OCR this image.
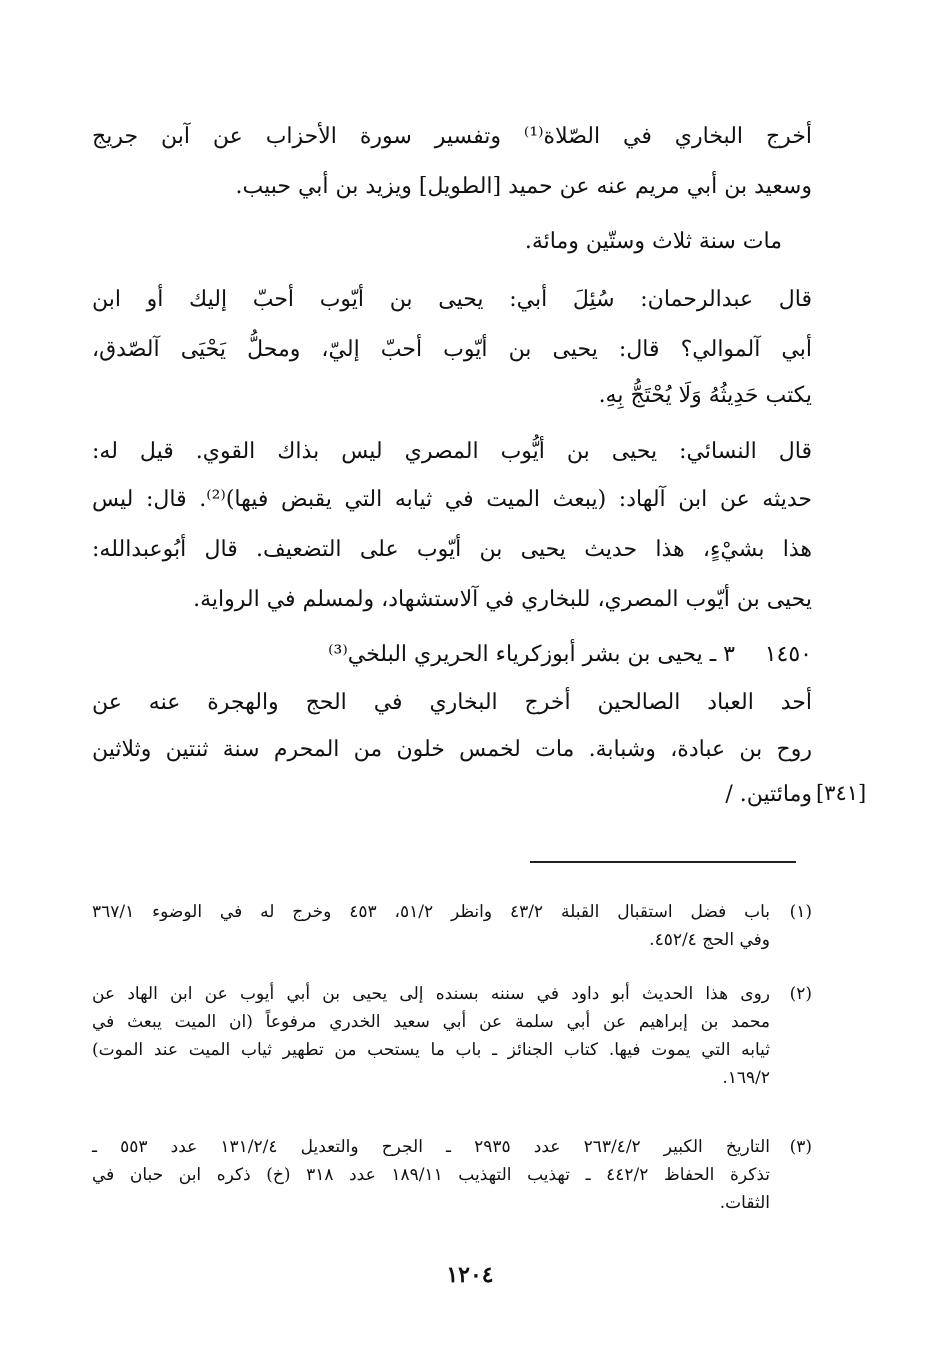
أخرج البخاري في الصّلاة⁽¹⁾ وتفسير سورة الأحزاب عن آبن جريج
وسعيد بن أبي مريم عنه عن حميد [الطويل] ويزيد بن أبي حبيب.
مات سنة ثلاث وستّين ومائة.
قال عبدالرحمان: سُئِلَ أبي: يحيى بن أيّوب أحبّ إليك أو ابن
أبي آلموالي؟ قال: يحيى بن أيّوب أحبّ إليّ، ومحلُّ يَحْيَى آلصّدق،
يكتب حَدِيثُهُ وَلَا يُحْتَجُّ بِهِ.
قال النسائي: يحيى بن أيُّوب المصري ليس بذاك القوي. قيل له:
حديثه عن ابن آلهاد: (يبعث الميت في ثيابه التي يقبض فيها)⁽²⁾. قال: ليس
هذا بشيْءٍ، هذا حديث يحيى بن أيّوب على التضعيف. قال أبُوعبدالله:
يحيى بن أيّوب المصري، للبخاري في آلاستشهاد، ولمسلم في الرواية.
١٤٥٠ ٣ ـ يحيى بن بشر أبوزكرياء الحريري البلخي⁽³⁾
أحد العباد الصالحين أخرج البخاري في الحج والهجرة عنه عن
روح بن عبادة، وشبابة. مات لخمس خلون من المحرم سنة ثنتين وثلاثين
ومائتين. / [٣٤١]
(١)
باب فضل استقبال القبلة ٤٣/٢ وانظر ٥١/٢، ٤٥٣ وخرج له في الوضوء ٣٦٧/١
وفي الحج ٤٥٢/٤.
(٢)
روى هذا الحديث أبو داود في سننه بسنده إلى يحيى بن أبي أيوب عن ابن الهاد عن
محمد بن إبراهيم عن أبي سلمة عن أبي سعيد الخدري مرفوعاً (ان الميت يبعث في
ثيابه التي يموت فيها. كتاب الجنائز ـ باب ما يستحب من تطهير ثياب الميت عند الموت)
١٦٩/٢.
(٣)
التاريخ الكبير ٢٦٣/٤/٢ عدد ٢٩٣٥ ـ الجرح والتعديل ١٣١/٢/٤ عدد ٥٥٣ ـ
تذكرة الحفاظ ٤٤٢/٢ ـ تهذيب التهذيب ١٨٩/١١ عدد ٣١٨ (خ) ذكره ابن حبان في
الثقات.
١٢٠٤
